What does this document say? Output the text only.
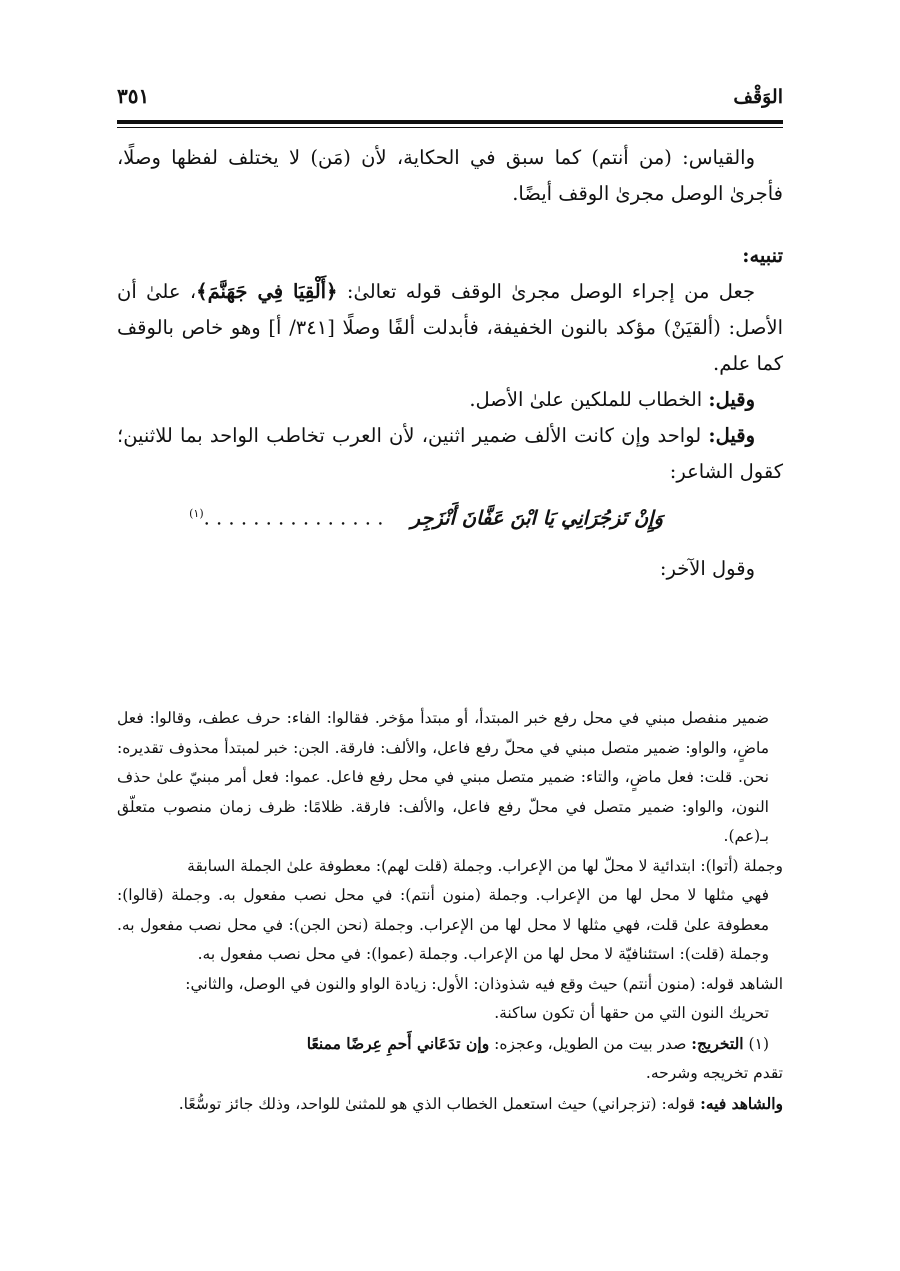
الوَقْف
٣٥١

والقياس: (من أنتم) كما سبق في الحكاية، لأن (مَن) لا يختلف لفظها وصلًا، فأجرىٰ الوصل مجرىٰ الوقف أيضًا.

تنبيه:

جعل من إجراء الوصل مجرىٰ الوقف قوله تعالىٰ: ﴿أَلْقِيَا فِي جَهَنَّمَ﴾، علىٰ أن الأصل: (ألقيَنْ) مؤكد بالنون الخفيفة، فأبدلت ألفًا وصلًا [٣٤١/ أ] وهو خاص بالوقف كما علم.

وقيل: الخطاب للملكين علىٰ الأصل.

وقيل: لواحد وإن كانت الألف ضمير اثنين، لأن العرب تخاطب الواحد بما للاثنين؛ كقول الشاعر:

وَإِنْ تَزجُرَانِي يَا ابْنَ عَفَّانَ أَنْزَجِر    . . . . . . . . . . . . . . .$^{(١)}$

وقول الآخر:

ضمير منفصل مبني في محل رفع خبر المبتدأ، أو مبتدأ مؤخر. فقالوا: الفاء: حرف عطف، وقالوا: فعل ماضٍ، والواو: ضمير متصل مبني في محلّ رفع فاعل، والألف: فارقة. الجن: خبر لمبتدأ محذوف تقديره: نحن. قلت: فعل ماضٍ، والتاء: ضمير متصل مبني في محل رفع فاعل. عموا: فعل أمر مبنيّ علىٰ حذف النون، والواو: ضمير متصل في محلّ رفع فاعل، والألف: فارقة. ظلامًا: ظرف زمان منصوب متعلّق بـ(عم).

وجملة (أتوا): ابتدائية لا محلّ لها من الإعراب. وجملة (قلت لهم): معطوفة علىٰ الجملة السابقة

فهي مثلها لا محل لها من الإعراب. وجملة (منون أنتم): في محل نصب مفعول به. وجملة (قالوا): معطوفة علىٰ قلت، فهي مثلها لا محل لها من الإعراب. وجملة (نحن الجن): في محل نصب مفعول به. وجملة (قلت): استئنافيّة لا محل لها من الإعراب. وجملة (عموا): في محل نصب مفعول به.

الشاهد قوله: (منون أنتم) حيث وقع فيه شذوذان: الأول: زيادة الواو والنون في الوصل، والثاني:

تحريك النون التي من حقها أن تكون ساكنة.

(١) التخريج: صدر بيت من الطويل، وعجزه: وإن تدَعَاني أَحمِ عِرضًا ممنعًا

تقدم تخريجه وشرحه.

والشاهد فيه: قوله: (تزجراني) حيث استعمل الخطاب الذي هو للمثنىٰ للواحد، وذلك جائز توسُّعًا.
